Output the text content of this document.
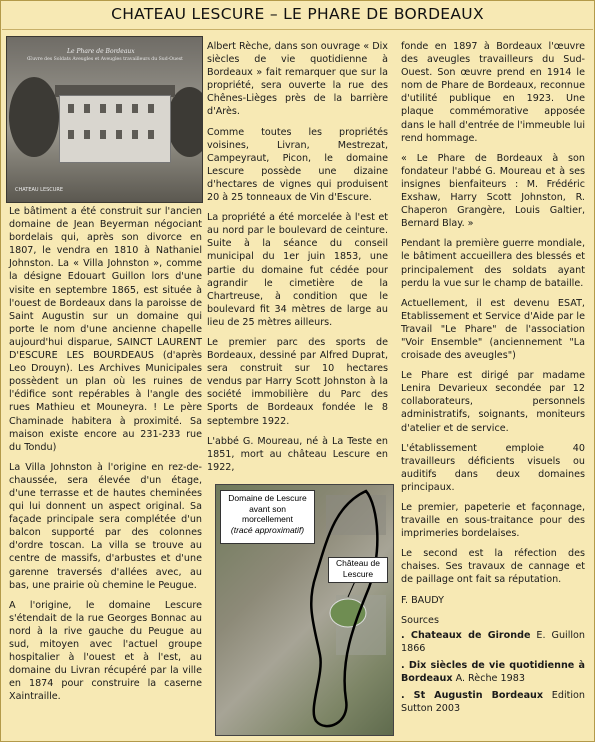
CHATEAU LESCURE – LE PHARE DE BORDEAUX
Le Phare de Bordeaux
Œuvre des Soldats Aveugles et Aveugles travailleurs du Sud-Ouest
CHATEAU LESCURE

Le bâtiment a été construit sur l'ancien domaine de Jean Beyerman négociant bordelais qui, après son divorce en 1807, le vendra en 1810 à Nathaniel Johnston. La « Villa Johnston », comme la désigne Edouart Guillon lors d'une visite en septembre 1865, est située à l'ouest de Bordeaux dans la paroisse de Saint Augustin sur un domaine qui porte le nom d'une ancienne chapelle aujourd'hui disparue, SAINCT LAURENT D'ESCURE LES BOURDEAUS (d'après Leo Drouyn). Les Archives Municipales possèdent un plan où les ruines de l'édifice sont repérables à l'angle des rues Mathieu et Mouneyra. ! Le père Chaminade habitera à proximité. Sa maison existe encore au 231-233 rue du Tondu)

La Villa Johnston à l'origine en rez-de-chaussée, sera élevée d'un étage, d'une terrasse et de hautes cheminées qui lui donnent un aspect original. Sa façade principale sera complétée d'un balcon supporté par des colonnes d'ordre toscan. La villa se trouve au centre de massifs, d'arbustes et d'une garenne traversés d'allées avec, au bas, une prairie où chemine le Peugue.

A l'origine, le domaine Lescure s'étendait de la rue Georges Bonnac au nord à la rive gauche du Peugue au sud, mitoyen avec l'actuel groupe hospitalier à l'ouest et à l'est, au domaine du Livran récupéré par la ville en 1874 pour construire la caserne Xaintraille.

Albert Rèche, dans son ouvrage « Dix siècles de vie quotidienne à Bordeaux » fait remarquer que sur la propriété, sera ouverte la rue des Chênes-Lièges près de la barrière d'Arès.

Comme toutes les propriétés voisines, Livran, Mestrezat, Campeyraut, Picon, le domaine Lescure possède une dizaine d'hectares de vignes qui produisent 20 à 25 tonneaux de Vin d'Escure.

La propriété a été morcelée à l'est et au nord par le boulevard de ceinture. Suite à la séance du conseil municipal du 1er juin 1853, une partie du domaine fut cédée pour agrandir le cimetière de la Chartreuse, à condition que le boulevard fit 34 mètres de large au lieu de 25 mètres ailleurs.

Le premier parc des sports de Bordeaux, dessiné par Alfred Duprat, sera construit sur 10 hectares vendus par Harry Scott Johnston à la société immobilière du Parc des Sports de Bordeaux fondée le 8 septembre 1922.

L'abbé G. Moureau, né à La Teste en 1851, mort au château Lescure en 1922,

Domaine de Lescure
avant son
morcellement
(tracé approximatif)
Château de
Lescure

fonde en 1897 à Bordeaux l'œuvre des aveugles travailleurs du Sud-Ouest. Son œuvre prend en 1914 le nom de Phare de Bordeaux, reconnue d'utilité publique en 1923. Une plaque commémorative apposée dans le hall d'entrée de l'immeuble lui rend hommage.

« Le Phare de Bordeaux à son fondateur l'abbé G. Moureau et à ses insignes bienfaiteurs : M. Frédéric Exshaw, Harry Scott Johnston, R. Chaperon Grangère, Louis Galtier, Bernard Blay. »

Pendant la première guerre mondiale, le bâtiment accueillera des blessés et principalement des soldats ayant perdu la vue sur le champ de bataille.

Actuellement, il est devenu ESAT, Etablissement et Service d'Aide par le Travail "Le Phare" de l'association "Voir Ensemble" (anciennement "La croisade des aveugles")

Le Phare est dirigé par madame Lenira Devarieux secondée par 12 collaborateurs, personnels administratifs, soignants, moniteurs d'atelier et de service.

L'établissement emploie 40 travailleurs déficients visuels ou auditifs dans deux domaines principaux.

Le premier, papeterie et façonnage, travaille en sous-traitance pour des imprimeries bordelaises.

Le second est la réfection des chaises. Ses travaux de cannage et de paillage ont fait sa réputation.

F. BAUDY

Sources

. Chateaux de Gironde E. Guillon 1866

. Dix siècles de vie quotidienne à Bordeaux A. Rèche 1983

. St Augustin Bordeaux Edition Sutton 2003
